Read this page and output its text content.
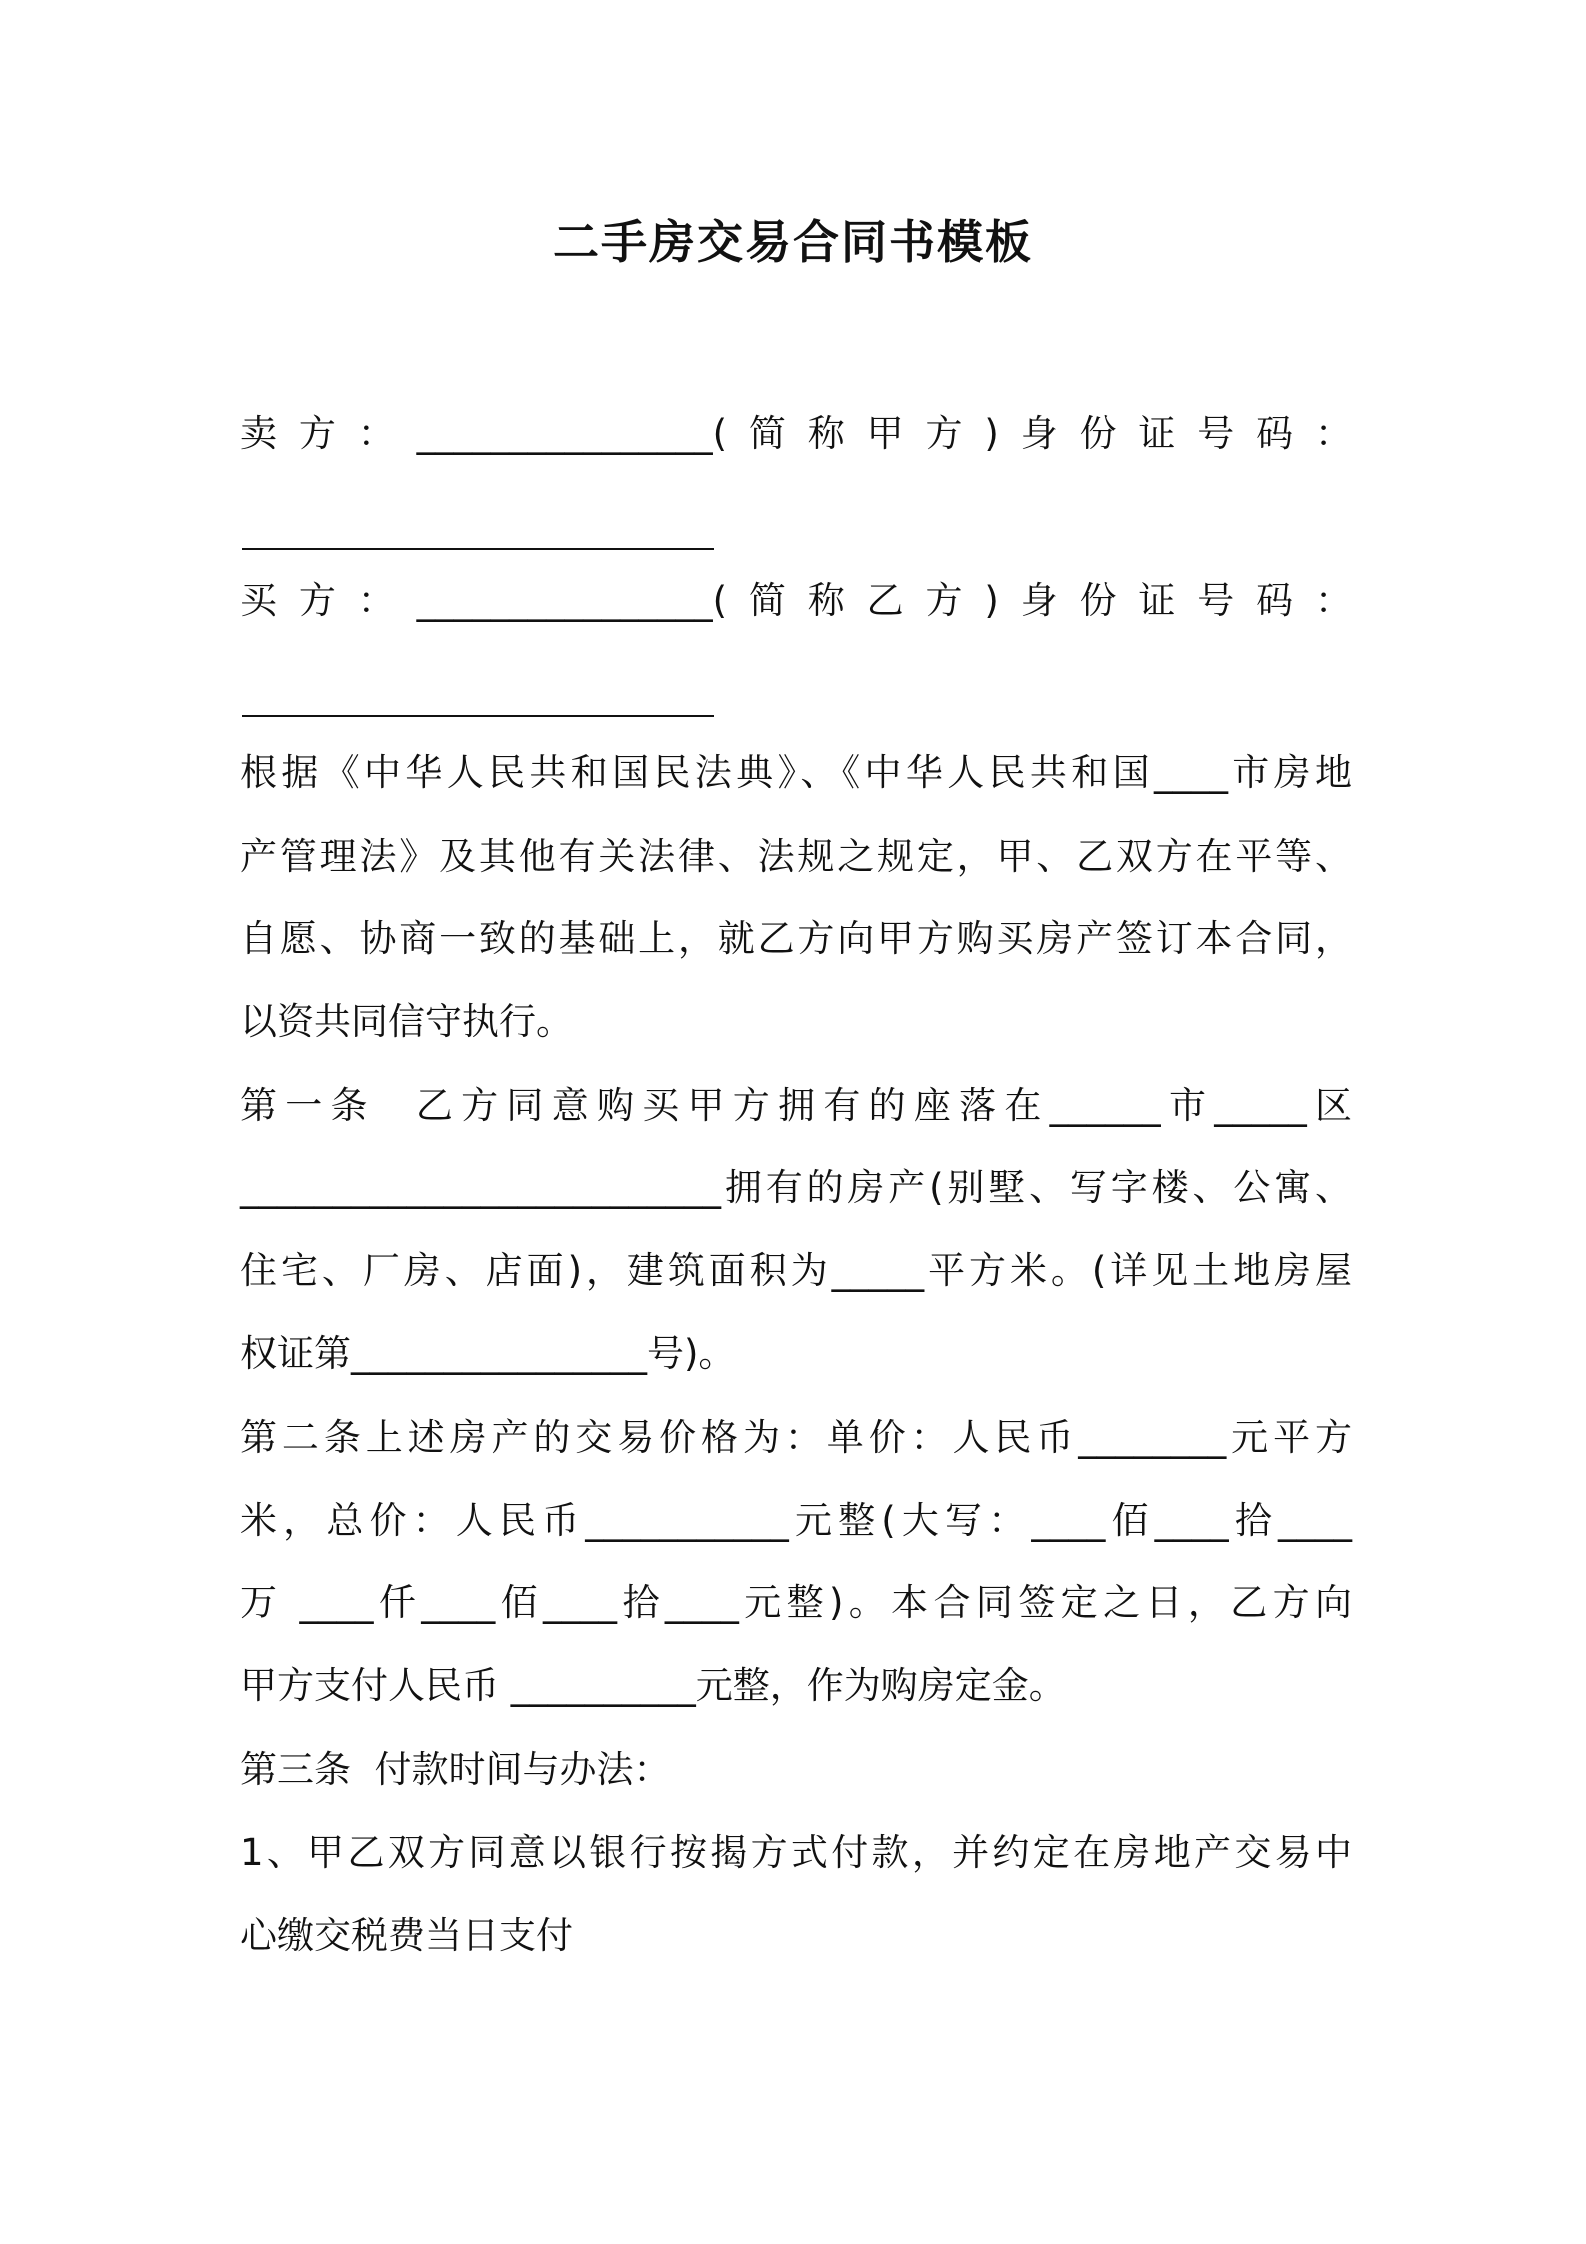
二手房交易合同书模板
卖方：________________(简称甲方)身份证号码：
买方：________________(简称乙方)身份证号码：
根据《中华人民共和国民法典》、《中华人民共和国____市房地
产管理法》及其他有关法律、法规之规定，甲、乙双方在平等、
自愿、协商一致的基础上，就乙方向甲方购买房产签订本合同，
以资共同信守执行。
第一条  乙方同意购买甲方拥有的座落在______市_____区
__________________________拥有的房产(别墅、写字楼、公寓、
住宅、厂房、店面)，建筑面积为_____平方米。(详见土地房屋
权证第________________号)。
第二条上述房产的交易价格为：单价：人民币________元平方
米，总价：人民币___________元整(大写：____佰____拾____
万 ____仟____佰____拾____元整)。本合同签定之日，乙方向
甲方支付人民币 __________元整，作为购房定金。
第三条  付款时间与办法：
1、甲乙双方同意以银行按揭方式付款，并约定在房地产交易中
心缴交税费当日支付
